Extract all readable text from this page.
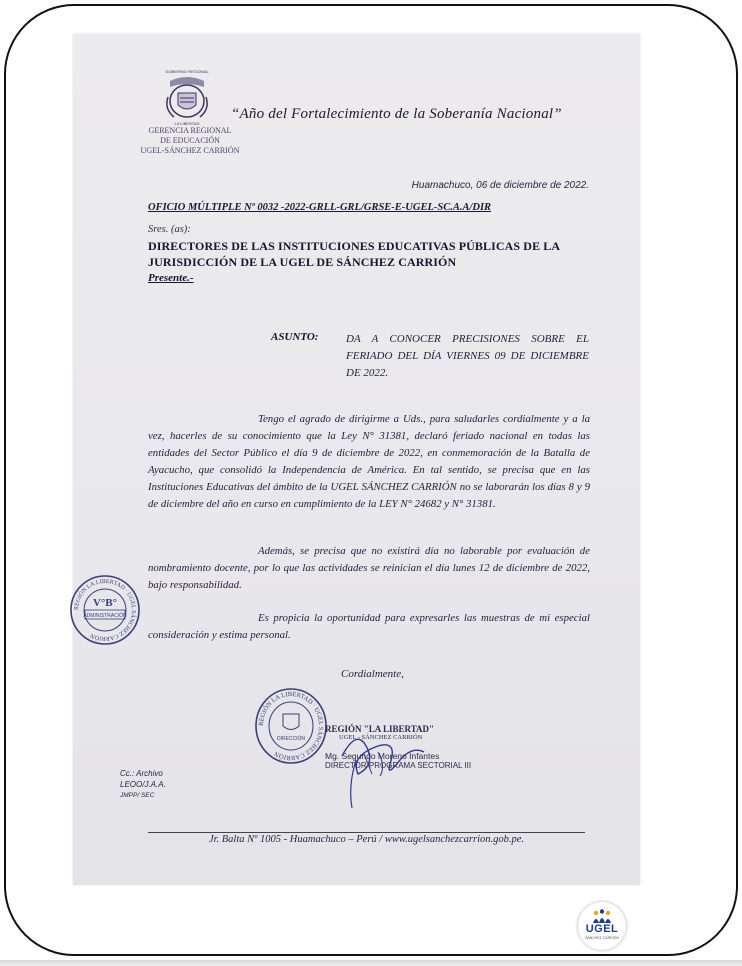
GOBIERNO REGIONAL
LA LIBERTAD
GERENCIA REGIONAL
DE EDUCACIÓN
UGEL-SÁNCHEZ CARRIÓN
“Año del Fortalecimiento de la Soberanía Nacional”
Huamachuco, 06 de diciembre de 2022.
OFICIO MÚLTIPLE Nº 0032 -2022-GRLL-GRL/GRSE-E-UGEL-SC.A.A/DIR
Sres. (as):
DIRECTORES DE LAS INSTITUCIONES EDUCATIVAS PÚBLICAS DE LA JURISDICCIÓN DE LA UGEL DE SÁNCHEZ CARRIÓN
Presente.-
ASUNTO:	DA A CONOCER PRECISIONES SOBRE EL FERIADO DEL DÍA VIERNES 09 DE DICIEMBRE DE 2022.
Tengo el agrado de dirigirme a Uds., para saludarles cordialmente y a la vez, hacerles de su conocimiento que la Ley N° 31381, declaró feriado nacional en todas las entidades del Sector Público el día 9 de diciembre de 2022, en conmemoración de la Batalla de Ayacucho, que consolidó la Independencia de América. En tal sentido, se precisa que en las Instituciones Educativas del ámbito de la UGEL SÁNCHEZ CARRIÓN no se laborarán los días 8 y 9 de diciembre del año en curso en cumplimiento de la LEY N° 24682 y N° 31381.
Además, se precisa que no existirá día no laborable por evaluación de nombramiento docente, por lo que las actividades se reinician el día lunes 12 de diciembre de 2022, bajo responsabilidad.
Es propicia la oportunidad para expresarles las muestras de mi especial consideración y estima personal.
Cordialmente,
REGIÓN LA LIBERTAD · UGEL SÁNCHEZ CARRIÓN
V°B°
ADMINISTRACIÓN
REGIÓN LA LIBERTAD · UGEL SÁNCHEZ CARRIÓN
DIRECCIÓN
REGIÓN "LA LIBERTAD"
UGEL - SÁNCHEZ CARRIÓN
Mg. Segundo Moreno Infantes
DIRECTOR PROGRAMA SECTORIAL III
Cc.: Archivo
LEOO/J.A.A.
JMPP/ SEC
Jr. Balta Nº 1005 - Huamachuco – Perú / www.ugelsanchezcarrion.gob.pe.
UGEL
SÁNCHEZ CARRIÓN
